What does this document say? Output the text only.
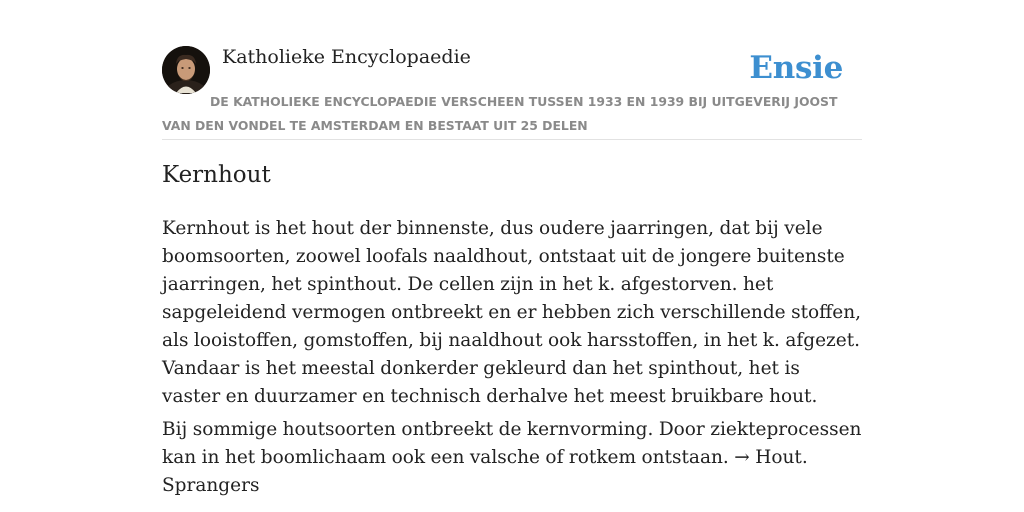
Katholieke Encyclopaedie	Ensie
DE KATHOLIEKE ENCYCLOPAEDIE VERSCHEEN TUSSEN 1933 EN 1939 BIJ UITGEVERIJ JOOST VAN DEN VONDEL TE AMSTERDAM EN BESTAAT UIT 25 DELEN
Kernhout

Kernhout is het hout der binnenste, dus oudere jaarringen, dat bij vele boomsoorten, zoowel loofals naaldhout, ontstaat uit de jongere buitenste jaarringen, het spinthout. De cellen zijn in het k. afgestorven. het sapgeleidend vermogen ontbreekt en er hebben zich verschillende stoffen, als looistoffen, gomstoffen, bij naaldhout ook harsstoffen, in het k. afgezet. Vandaar is het meestal donkerder gekleurd dan het spinthout, het is vaster en duurzamer en technisch derhalve het meest bruikbare hout.

Bij sommige houtsoorten ontbreekt de kernvorming. Door ziekteprocessen kan in het boomlichaam ook een valsche of rotkem ontstaan. → Hout. Sprangers
